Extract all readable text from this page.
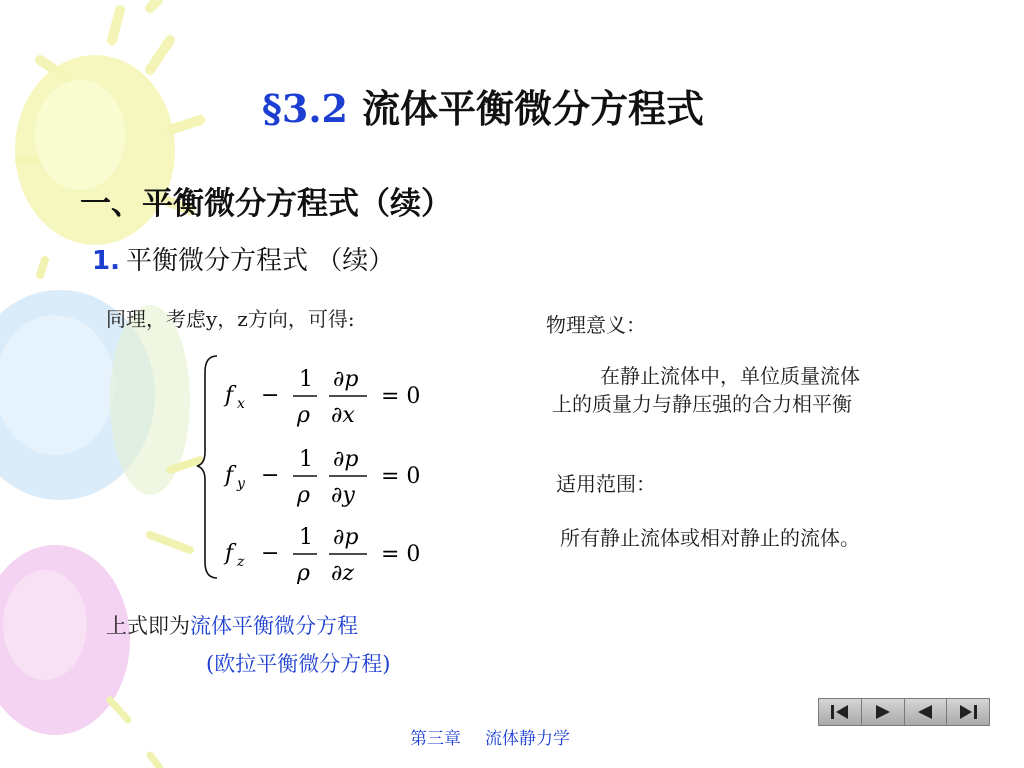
§3.2 流体平衡微分方程式
一、平衡微分方程式（续）
1. 平衡微分方程式 （续）
同理，考虑y，z方向，可得:
f x −
1
ρ
∂p
∂x
= 0
f y −
1
ρ
∂p
∂y
= 0
f z −
1
ρ
∂p
∂z
= 0
物理意义：
在静止流体中，单位质量流体
上的质量力与静压强的合力相平衡
适用范围：
所有静止流体或相对静止的流体。
上式即为流体平衡微分方程
(欧拉平衡微分方程)
第三章 流体静力学
